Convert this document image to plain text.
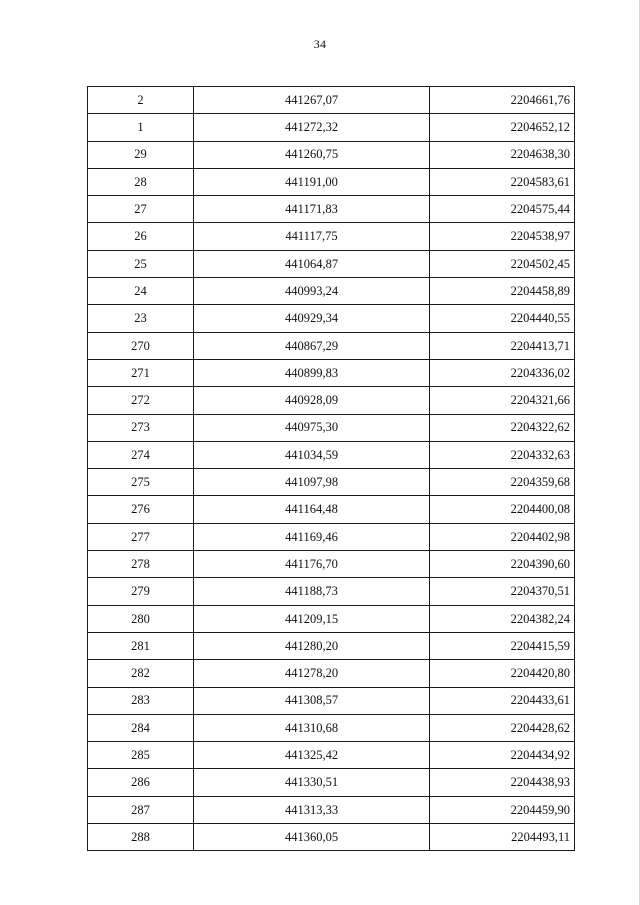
34
2	441267,07	2204661,76
1	441272,32	2204652,12
29	441260,75	2204638,30
28	441191,00	2204583,61
27	441171,83	2204575,44
26	441117,75	2204538,97
25	441064,87	2204502,45
24	440993,24	2204458,89
23	440929,34	2204440,55
270	440867,29	2204413,71
271	440899,83	2204336,02
272	440928,09	2204321,66
273	440975,30	2204322,62
274	441034,59	2204332,63
275	441097,98	2204359,68
276	441164,48	2204400,08
277	441169,46	2204402,98
278	441176,70	2204390,60
279	441188,73	2204370,51
280	441209,15	2204382,24
281	441280,20	2204415,59
282	441278,20	2204420,80
283	441308,57	2204433,61
284	441310,68	2204428,62
285	441325,42	2204434,92
286	441330,51	2204438,93
287	441313,33	2204459,90
288	441360,05	2204493,11
